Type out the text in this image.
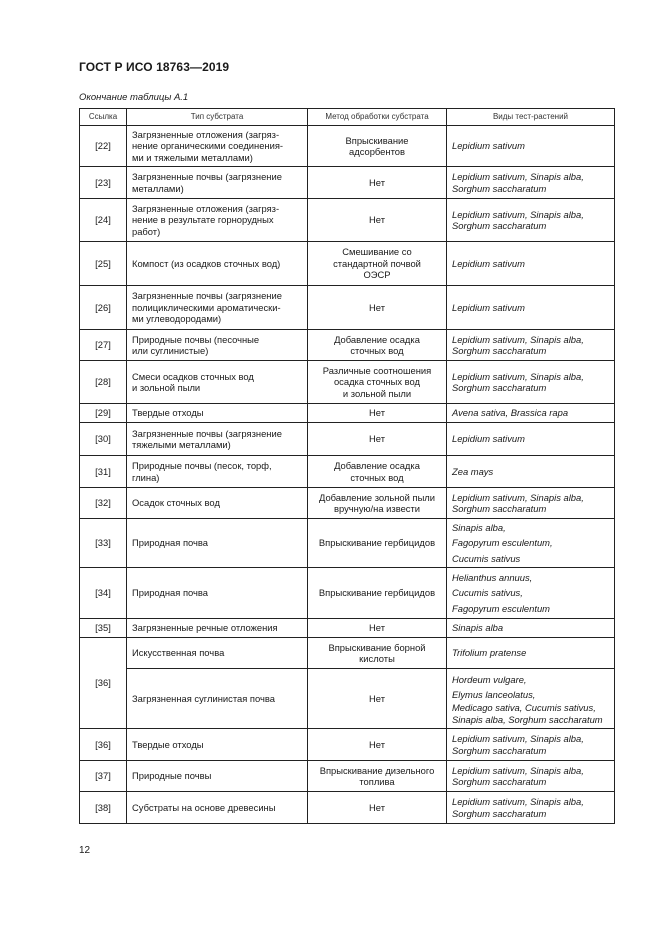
ГОСТ Р ИСО 18763—2019
Окончание таблицы А.1
Ссылка	Тип субстрата	Метод обработки субстрата	Виды тест-растений
[22]	Загрязненные отложения (загряз-
нение органическими соединения-
ми и тяжелыми металлами)	Впрыскивание
адсорбентов	Lepidium sativum
[23]	Загрязненные почвы (загрязнение
металлами)	Нет	Lepidium sativum, Sinapis alba,
Sorghum saccharatum
[24]	Загрязненные отложения (загряз-
нение в результате горнорудных
работ)	Нет	Lepidium sativum, Sinapis alba,
Sorghum saccharatum
[25]	Компост (из осадков сточных вод)	Смешивание со
стандартной почвой
ОЭСР	Lepidium sativum
[26]	Загрязненные почвы (загрязнение
полициклическими ароматически-
ми углеводородами)	Нет	Lepidium sativum
[27]	Природные почвы (песочные
или суглинистые)	Добавление осадка
сточных вод	Lepidium sativum, Sinapis alba,
Sorghum saccharatum
[28]	Смеси осадков сточных вод
и зольной пыли	Различные соотношения
осадка сточных вод
и зольной пыли	Lepidium sativum, Sinapis alba,
Sorghum saccharatum
[29]	Твердые отходы	Нет	Avena sativa, Brassica rapa
[30]	Загрязненные почвы (загрязнение
тяжелыми металлами)	Нет	Lepidium sativum
[31]	Природные почвы (песок, торф,
глина)	Добавление осадка
сточных вод	Zea mays
[32]	Осадок сточных вод	Добавление зольной пыли
вручную/на извести	Lepidium sativum, Sinapis alba,
Sorghum saccharatum
[33]	Природная почва	Впрыскивание гербицидов	Sinapis alba,
Fagopyrum esculentum,
Cucumis sativus
[34]	Природная почва	Впрыскивание гербицидов	Helianthus annuus,
Cucumis sativus,
Fagopyrum esculentum
[35]	Загрязненные речные отложения	Нет	Sinapis alba
[36]	Искусственная почва	Впрыскивание борной
кислоты	Trifolium pratense
	Загрязненная суглинистая почва	Нет	Hordeum vulgare,
Elymus lanceolatus,
Medicago sativa, Cucumis sativus,
Sinapis alba, Sorghum saccharatum

[36]	Твердые отходы	Нет	Lepidium sativum, Sinapis alba,
Sorghum saccharatum
[37]	Природные почвы	Впрыскивание дизельного
топлива	Lepidium sativum, Sinapis alba,
Sorghum saccharatum
[38]	Субстраты на основе древесины	Нет	Lepidium sativum, Sinapis alba,
Sorghum saccharatum
12
